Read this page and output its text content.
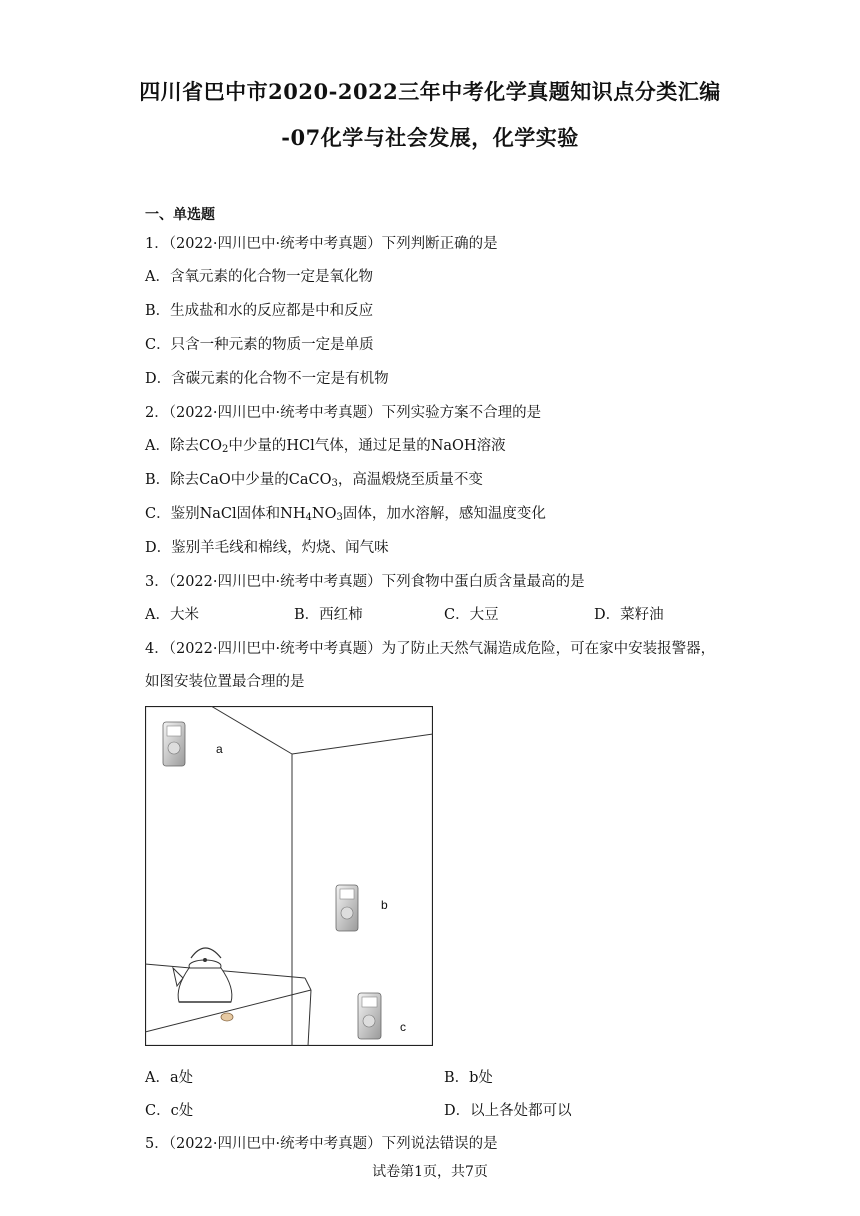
四川省巴中市2020-2022三年中考化学真题知识点分类汇编
-07化学与社会发展，化学实验
一、单选题
1．（2022·四川巴中·统考中考真题）下列判断正确的是
A．含氧元素的化合物一定是氧化物
B．生成盐和水的反应都是中和反应
C．只含一种元素的物质一定是单质
D．含碳元素的化合物不一定是有机物
2．（2022·四川巴中·统考中考真题）下列实验方案不合理的是
A．除去$CO_2$中少量的HCl气体，通过足量的NaOH溶液
B．除去CaO中少量的CaCO$_3$，高温煅烧至质量不变
C．鉴别NaCl固体和$NH_4NO_3$固体，加水溶解，感知温度变化
D．鉴别羊毛线和棉线，灼烧、闻气味
3．（2022·四川巴中·统考中考真题）下列食物中蛋白质含量最高的是
A．大米	B．西红柿	C．大豆	D．菜籽油
4．（2022·四川巴中·统考中考真题）为了防止天然气漏造成危险，可在家中安装报警器，
如图安装位置最合理的是
a
b
c
A．a处	B．b处
C．c处	D．以上各处都可以
5．（2022·四川巴中·统考中考真题）下列说法错误的是
试卷第1页，共7页
